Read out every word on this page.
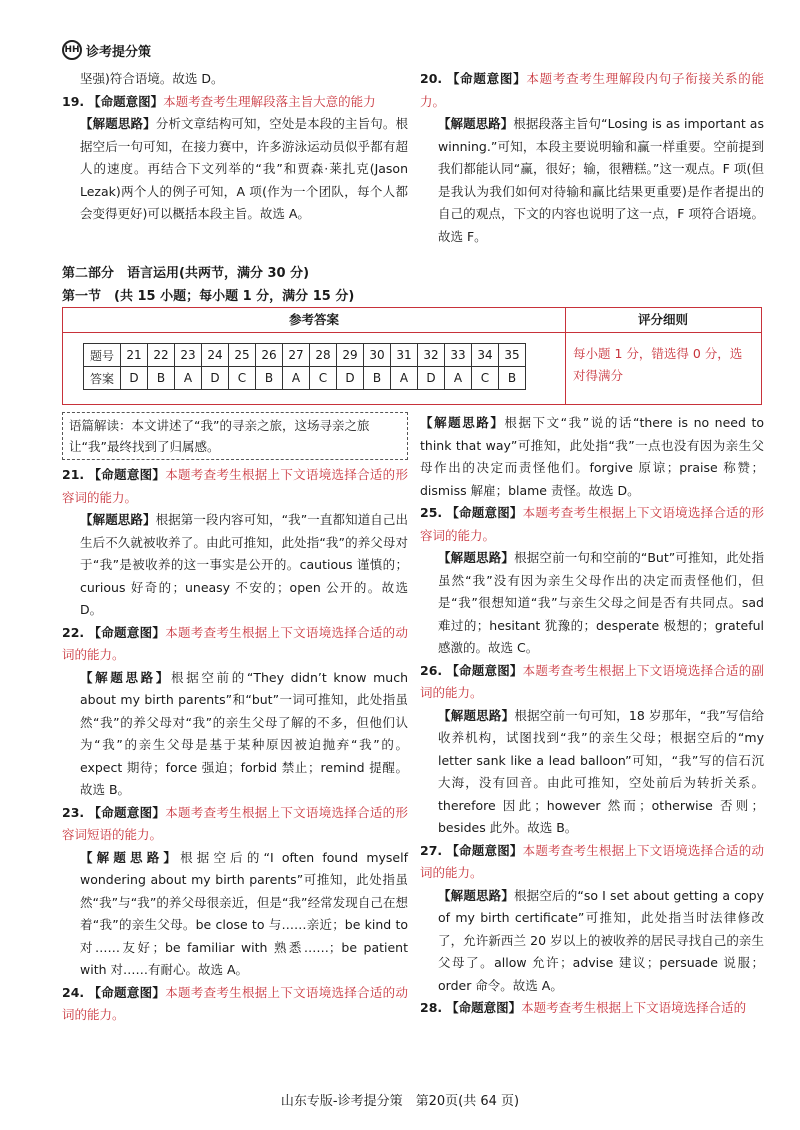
HH 诊考提分策
坚强)符合语境。故选 D。
19. 【命题意图】本题考查考生理解段落主旨大意的能力
【解题思路】分析文章结构可知，空处是本段的主旨句。根据空后一句可知，在接力赛中，许多游泳运动员似乎都有超人的速度。再结合下文列举的“我”和贾森·莱扎克(Jason Lezak)两个人的例子可知，A 项(作为一个团队，每个人都会变得更好)可以概括本段主旨。故选 A。
20. 【命题意图】本题考查考生理解段内句子衔接关系的能力。
【解题思路】根据段落主旨句“Losing is as important as winning.”可知，本段主要说明输和赢一样重要。空前提到我们都能认同“赢，很好；输，很糟糕。”这一观点。F 项(但是我认为我们如何对待输和赢比结果更重要)是作者提出的自己的观点，下文的内容也说明了这一点，F 项符合语境。故选 F。
第二部分　语言运用(共两节，满分 30 分)
第一节　(共 15 小题；每小题 1 分，满分 15 分)
参考答案	评分细则
题号	21	22	23	24	25	26	27	28	29	30	31	32	33	34	35
答案	D	B	A	D	C	B	A	C	D	B	A	D	A	C	B
每小题 1 分，错选得 0 分，选对得满分
语篇解读：本文讲述了“我”的寻亲之旅，这场寻亲之旅让“我”最终找到了归属感。
21. 【命题意图】本题考查考生根据上下文语境选择合适的形容词的能力。
【解题思路】根据第一段内容可知，“我”一直都知道自己出生后不久就被收养了。由此可推知，此处指“我”的养父母对于“我”是被收养的这一事实是公开的。cautious 谨慎的；curious 好奇的；uneasy 不安的；open 公开的。故选 D。
22. 【命题意图】本题考查考生根据上下文语境选择合适的动词的能力。
【解题思路】根据空前的“They didn’t know much about my birth parents”和“but”一词可推知，此处指虽然“我”的养父母对“我”的亲生父母了解的不多，但他们认为“我”的亲生父母是基于某种原因被迫抛弃“我”的。expect 期待；force 强迫；forbid 禁止；remind 提醒。故选 B。
23. 【命题意图】本题考查考生根据上下文语境选择合适的形容词短语的能力。
【解题思路】根据空后的“I often found myself wondering about my birth parents”可推知，此处指虽然“我”与“我”的养父母很亲近，但是“我”经常发现自己在想着“我”的亲生父母。be close to 与……亲近；be kind to 对……友好；be familiar with 熟悉……；be patient with 对……有耐心。故选 A。
24. 【命题意图】本题考查考生根据上下文语境选择合适的动词的能力。
【解题思路】根据下文“我”说的话“there is no need to think that way”可推知，此处指“我”一点也没有因为亲生父母作出的决定而责怪他们。forgive 原谅；praise 称赞；dismiss 解雇；blame 责怪。故选 D。
25. 【命题意图】本题考查考生根据上下文语境选择合适的形容词的能力。
【解题思路】根据空前一句和空前的“But”可推知，此处指虽然“我”没有因为亲生父母作出的决定而责怪他们，但是“我”很想知道“我”与亲生父母之间是否有共同点。sad 难过的；hesitant 犹豫的；desperate 极想的；grateful 感激的。故选 C。
26. 【命题意图】本题考查考生根据上下文语境选择合适的副词的能力。
【解题思路】根据空前一句可知，18 岁那年，“我”写信给收养机构，试图找到“我”的亲生父母；根据空后的“my letter sank like a lead balloon”可知，“我”写的信石沉大海，没有回音。由此可推知，空处前后为转折关系。therefore 因此；however 然而；otherwise 否则；besides 此外。故选 B。
27. 【命题意图】本题考查考生根据上下文语境选择合适的动词的能力。
【解题思路】根据空后的“so I set about getting a copy of my birth certificate”可推知，此处指当时法律修改了，允许新西兰 20 岁以上的被收养的居民寻找自己的亲生父母了。allow 允许；advise 建议；persuade 说服；order 命令。故选 A。
28. 【命题意图】本题考查考生根据上下文语境选择合适的
山东专版-诊考提分策　第20页(共 64 页)
